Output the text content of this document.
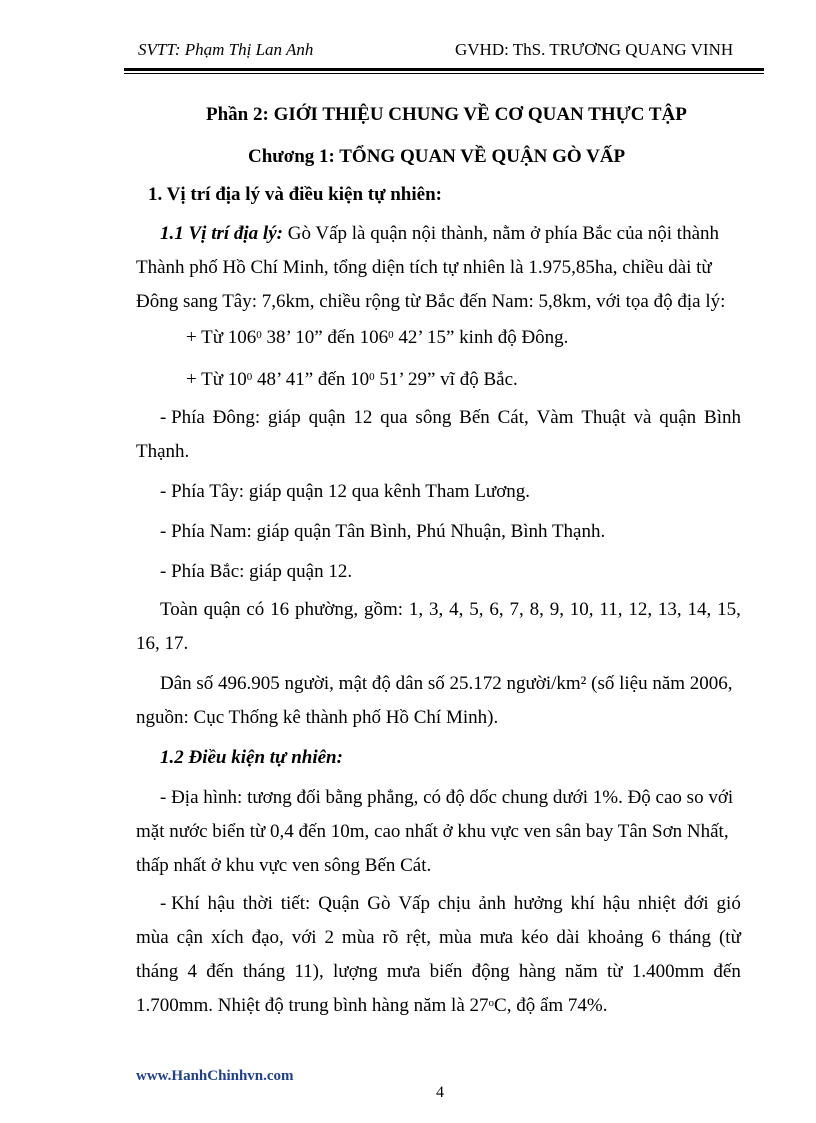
SVTT: Phạm Thị Lan Anh	GVHD: ThS. TRƯƠNG QUANG VINH
Phần 2: GIỚI THIỆU CHUNG VỀ CƠ QUAN THỰC TẬP
Chương 1: TỔNG QUAN VỀ QUẬN GÒ VẤP
1. Vị trí địa lý và điều kiện tự nhiên:
1.1 Vị trí địa lý: Gò Vấp là quận nội thành, nằm ở phía Bắc của nội thành
Thành phố Hồ Chí Minh, tổng diện tích tự nhiên là 1.975,85ha, chiều dài từ
Đông sang Tây: 7,6km, chiều rộng từ Bắc đến Nam: 5,8km, với tọa độ địa lý:
+ Từ $106^0$ 38’ 10” đến $106^0$ 42’ 15” kinh độ Đông.
+ Từ $10^0$ 48’ 41” đến $10^0$ 51’ 29” vĩ độ Bắc.
- Phía Đông: giáp quận 12 qua sông Bến Cát, Vàm Thuật và quận Bình
Thạnh.
- Phía Tây: giáp quận 12 qua kênh Tham Lương.
- Phía Nam: giáp quận Tân Bình, Phú Nhuận, Bình Thạnh.
- Phía Bắc: giáp quận 12.
Toàn quận có 16 phường, gồm: 1, 3, 4, 5, 6, 7, 8, 9, 10, 11, 12, 13, 14, 15,
16, 17.
Dân số 496.905 người, mật độ dân số 25.172 người/km² (số liệu năm 2006,
nguồn: Cục Thống kê thành phố Hồ Chí Minh).
1.2 Điều kiện tự nhiên:
- Địa hình: tương đối bằng phẳng, có độ dốc chung dưới 1%. Độ cao so với
mặt nước biển từ 0,4 đến 10m, cao nhất ở khu vực ven sân bay Tân Sơn Nhất,
thấp nhất ở khu vực ven sông Bến Cát.
- Khí hậu thời tiết: Quận Gò Vấp chịu ảnh hưởng khí hậu nhiệt đới gió
mùa cận xích đạo, với 2 mùa rõ rệt, mùa mưa kéo dài khoảng 6 tháng (từ
tháng 4 đến tháng 11), lượng mưa biến động hàng năm từ 1.400mm đến
1.700mm. Nhiệt độ trung bình hàng năm là 27$^o$C, độ ẩm 74%.
www.HanhChinhvn.com
4
